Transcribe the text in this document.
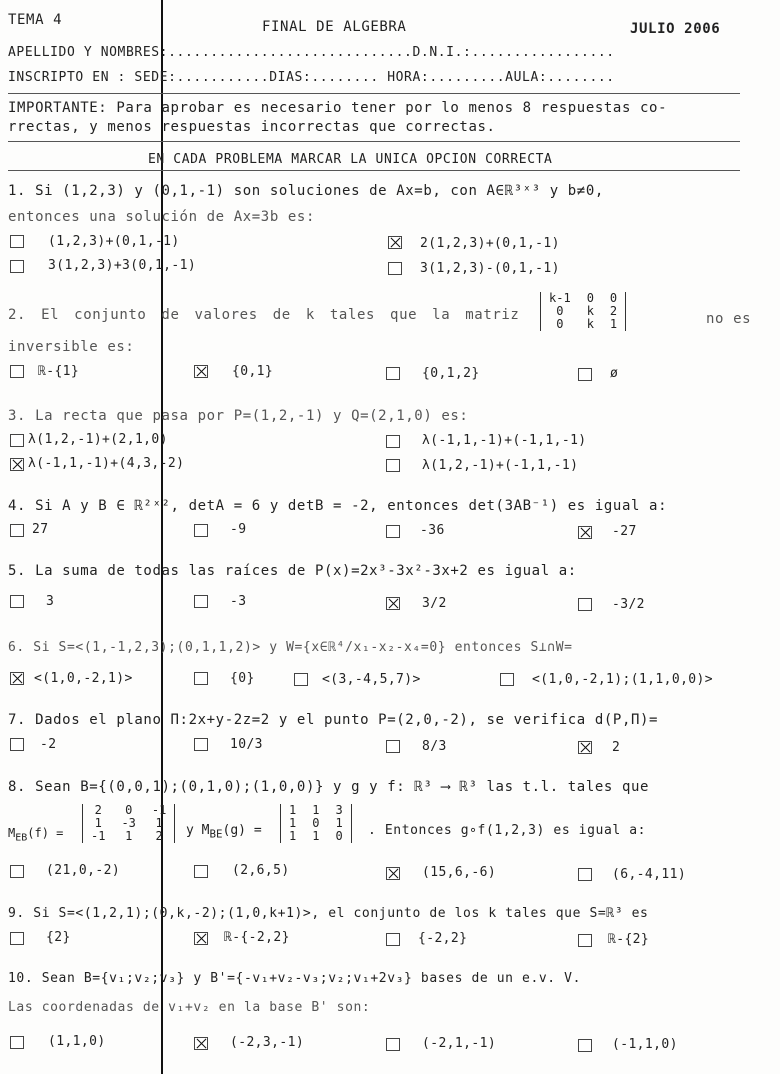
TEMA 4	FINAL DE ALGEBRA	JULIO 2006
APELLIDO Y NOMBRES:.............................D.N.I.:.................
INSCRIPTO EN : SEDE:...........DIAS:........ HORA:.........AULA:........
IMPORTANTE: Para aprobar es necesario tener por lo menos 8 respuestas co-
rrectas, y menos respuestas incorrectas que correctas.
EN CADA PROBLEMA MARCAR LA UNICA OPCION CORRECTA
1. Si (1,2,3) y (0,1,-1) son soluciones de Ax=b, con A∈ℝ³ˣ³ y b≠0,
entonces una solución de Ax=3b es:
(1,2,3)+(0,1,-1)	2(1,2,3)+(0,1,-1)
3(1,2,3)+3(0,1,-1)	3(1,2,3)-(0,1,-1)
2. El conjunto de valores de k tales que la matriz
k-1	0	0
0	k	2
0	k	1	no es
inversible es:
ℝ-{1}	{0,1}	{0,1,2}	ø
3. La recta que pasa por P=(1,2,-1) y Q=(2,1,0) es:
λ(1,2,-1)+(2,1,0)	λ(-1,1,-1)+(-1,1,-1)
λ(-1,1,-1)+(4,3,-2)	λ(1,2,-1)+(-1,1,-1)
4. Si A y B ∈ ℝ²ˣ², detA = 6 y detB = -2, entonces det(3AB⁻¹) es igual a:
27	-9	-36	-27
5. La suma de todas las raíces de P(x)=2x³-3x²-3x+2 es igual a:
3	-3	3/2	-3/2
6. Si S=<(1,-1,2,3);(0,1,1,2)> y W={x∈ℝ⁴/x₁-x₂-x₄=0} entonces S⊥∩W=
<(1,0,-2,1)>	{0}	<(3,-4,5,7)>	<(1,0,-2,1);(1,1,0,0)>
7. Dados el plano Π:2x+y-2z=2 y el punto P=(2,0,-2), se verifica d(P,Π)=
-2	10/3	8/3	2
8. Sean B={(0,0,1);(0,1,0);(1,0,0)} y g y f: ℝ³ ⟶ ℝ³ las t.l. tales que
$M_{EB}(f)$ =
2	0	-1
1	-3	1
-1	1	2 y $M_{BE}(g)$ =
1	1	3
1	0	1
1	1	0 . Entonces g∘f(1,2,3) es igual a:
(21,0,-2)	(2,6,5)	(15,6,-6)	(6,-4,11)
9. Si S=<(1,2,1);(0,k,-2);(1,0,k+1)>, el conjunto de los k tales que S=ℝ³ es
{2}	ℝ-{-2,2}	{-2,2}	ℝ-{2}
10. Sean B={v₁;v₂;v₃} y B'={-v₁+v₂-v₃;v₂;v₁+2v₃} bases de un e.v. V.
Las coordenadas de v₁+v₂ en la base B' son:
(1,1,0)	(-2,3,-1)	(-2,1,-1)	(-1,1,0)
